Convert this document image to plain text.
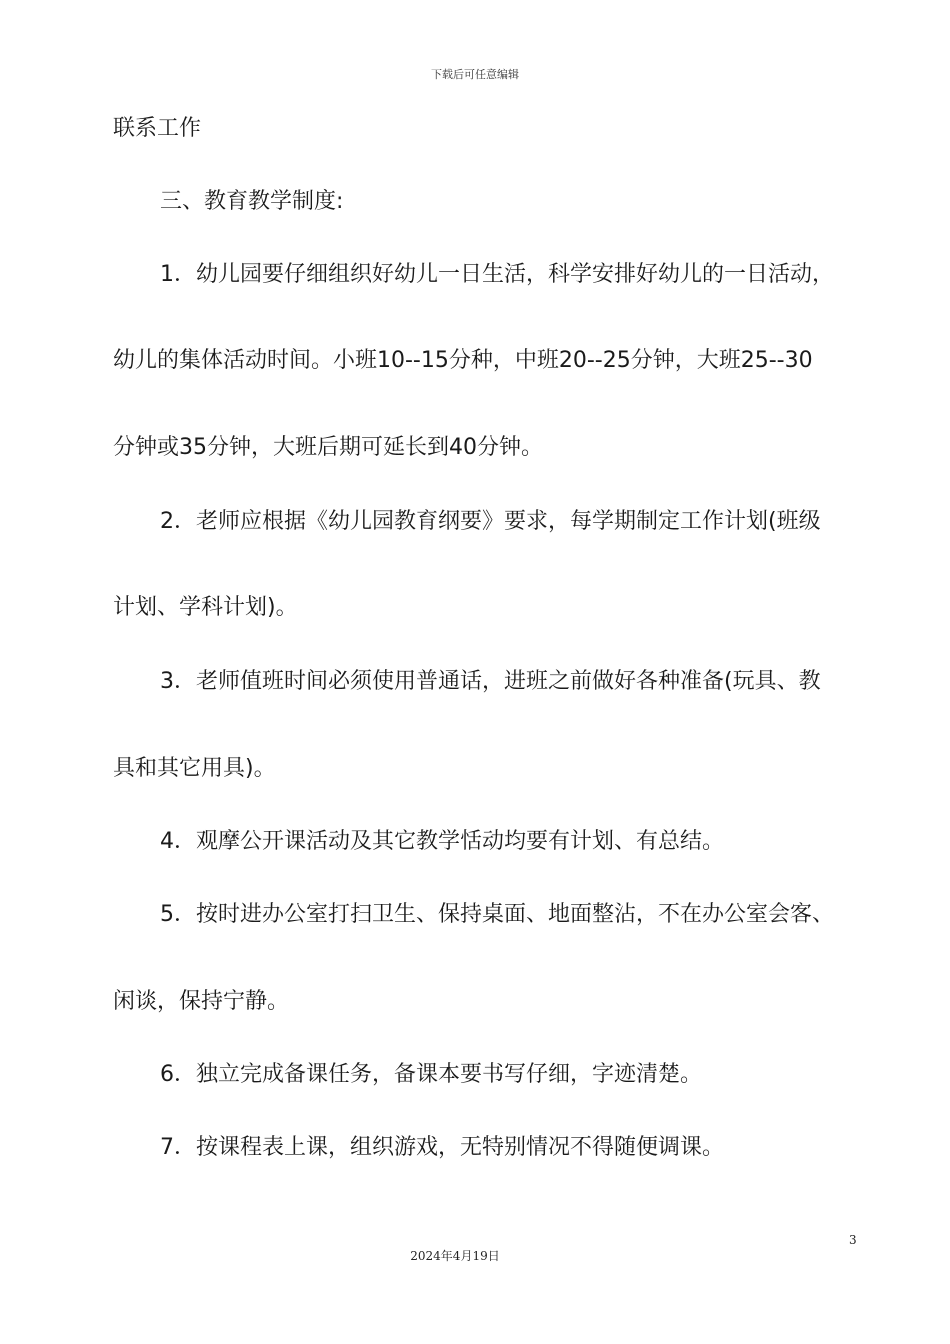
下载后可任意编辑
联系工作
三、教育教学制度:
1．幼儿园要仔细组织好幼儿一日生活，科学安排好幼儿的一日活动，
幼儿的集体活动时间。小班10--15分种，中班20--25分钟，大班25--30
分钟或35分钟，大班后期可延长到40分钟。
2．老师应根据《幼儿园教育纲要》要求，每学期制定工作计划(班级
计划、学科计划)。
3．老师值班时间必须使用普通话，进班之前做好各种准备(玩具、教
具和其它用具)。
4．观摩公开课活动及其它教学恬动均要有计划、有总结。
5．按时进办公室打扫卫生、保持桌面、地面整沾，不在办公室会客、
闲谈，保持宁静。
6．独立完成备课任务，备课本要书写仔细，字迹清楚。
7．按课程表上课，组织游戏，无特别情况不得随便调课。
3
2024年4月19日
